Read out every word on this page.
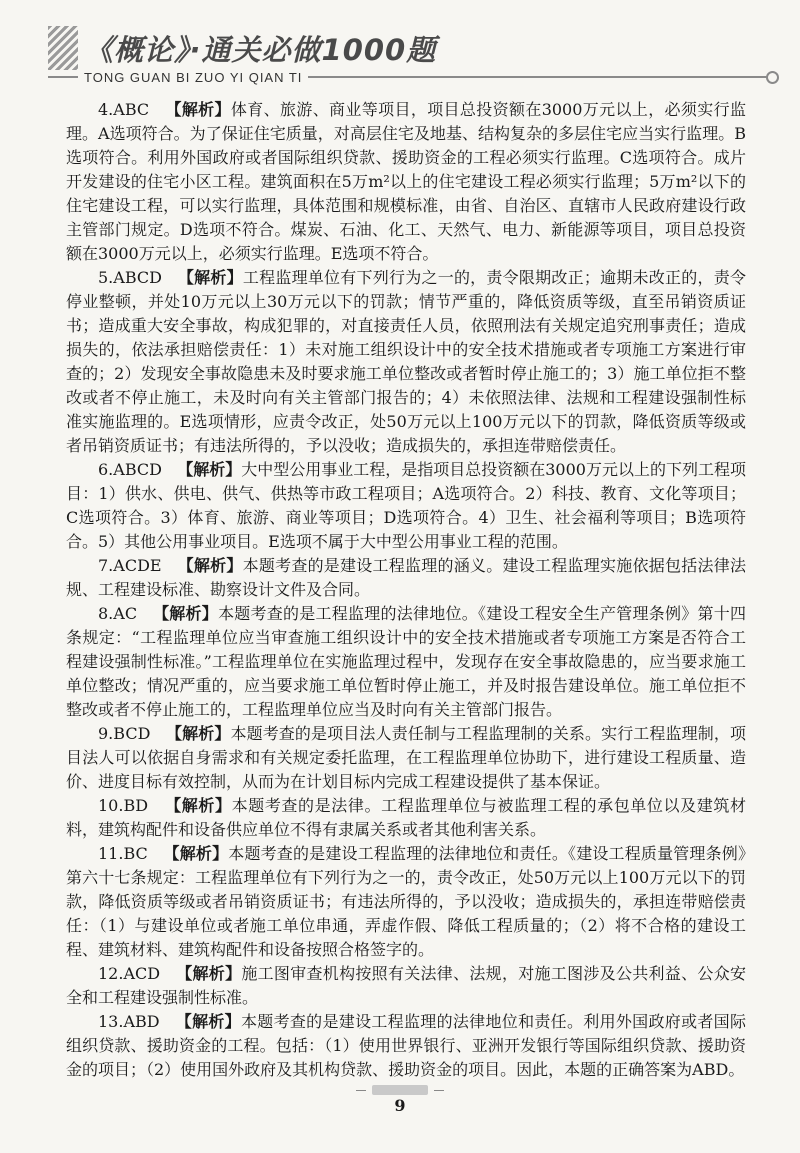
《概论》·通关必做1000题
TONG GUAN BI ZUO YI QIAN TI

4.ABC 【解析】体育、旅游、商业等项目，项目总投资额在3000万元以上，必须实行监理。A选项符合。为了保证住宅质量，对高层住宅及地基、结构复杂的多层住宅应当实行监理。B选项符合。利用外国政府或者国际组织贷款、援助资金的工程必须实行监理。C选项符合。成片开发建设的住宅小区工程。建筑面积在5万m²以上的住宅建设工程必须实行监理；5万m²以下的住宅建设工程，可以实行监理，具体范围和规模标准，由省、自治区、直辖市人民政府建设行政主管部门规定。D选项不符合。煤炭、石油、化工、天然气、电力、新能源等项目，项目总投资额在3000万元以上，必须实行监理。E选项不符合。

5.ABCD 【解析】工程监理单位有下列行为之一的，责令限期改正；逾期未改正的，责令停业整顿，并处10万元以上30万元以下的罚款；情节严重的，降低资质等级，直至吊销资质证书；造成重大安全事故，构成犯罪的，对直接责任人员，依照刑法有关规定追究刑事责任；造成损失的，依法承担赔偿责任：1）未对施工组织设计中的安全技术措施或者专项施工方案进行审查的；2）发现安全事故隐患未及时要求施工单位整改或者暂时停止施工的；3）施工单位拒不整改或者不停止施工，未及时向有关主管部门报告的；4）未依照法律、法规和工程建设强制性标准实施监理的。E选项情形，应责令改正，处50万元以上100万元以下的罚款，降低资质等级或者吊销资质证书；有违法所得的，予以没收；造成损失的，承担连带赔偿责任。

6.ABCD 【解析】大中型公用事业工程，是指项目总投资额在3000万元以上的下列工程项目：1）供水、供电、供气、供热等市政工程项目；A选项符合。2）科技、教育、文化等项目；C选项符合。3）体育、旅游、商业等项目；D选项符合。4）卫生、社会福利等项目；B选项符合。5）其他公用事业项目。E选项不属于大中型公用事业工程的范围。

7.ACDE 【解析】本题考查的是建设工程监理的涵义。建设工程监理实施依据包括法律法规、工程建设标准、勘察设计文件及合同。

8.AC 【解析】本题考查的是工程监理的法律地位。《建设工程安全生产管理条例》第十四条规定：“工程监理单位应当审查施工组织设计中的安全技术措施或者专项施工方案是否符合工程建设强制性标准。”工程监理单位在实施监理过程中，发现存在安全事故隐患的，应当要求施工单位整改；情况严重的，应当要求施工单位暂时停止施工，并及时报告建设单位。施工单位拒不整改或者不停止施工的，工程监理单位应当及时向有关主管部门报告。

9.BCD 【解析】本题考查的是项目法人责任制与工程监理制的关系。实行工程监理制，项目法人可以依据自身需求和有关规定委托监理，在工程监理单位协助下，进行建设工程质量、造价、进度目标有效控制，从而为在计划目标内完成工程建设提供了基本保证。

10.BD 【解析】本题考查的是法律。工程监理单位与被监理工程的承包单位以及建筑材料，建筑构配件和设备供应单位不得有隶属关系或者其他利害关系。

11.BC 【解析】本题考查的是建设工程监理的法律地位和责任。《建设工程质量管理条例》第六十七条规定：工程监理单位有下列行为之一的，责令改正，处50万元以上100万元以下的罚款，降低资质等级或者吊销资质证书；有违法所得的，予以没收；造成损失的，承担连带赔偿责任：（1）与建设单位或者施工单位串通，弄虚作假、降低工程质量的；（2）将不合格的建设工程、建筑材料、建筑构配件和设备按照合格签字的。

12.ACD 【解析】施工图审查机构按照有关法律、法规，对施工图涉及公共利益、公众安全和工程建设强制性标准。

13.ABD 【解析】本题考查的是建设工程监理的法律地位和责任。利用外国政府或者国际组织贷款、援助资金的工程。包括：（1）使用世界银行、亚洲开发银行等国际组织贷款、援助资金的项目；（2）使用国外政府及其机构贷款、援助资金的项目。因此，本题的正确答案为ABD。

9
